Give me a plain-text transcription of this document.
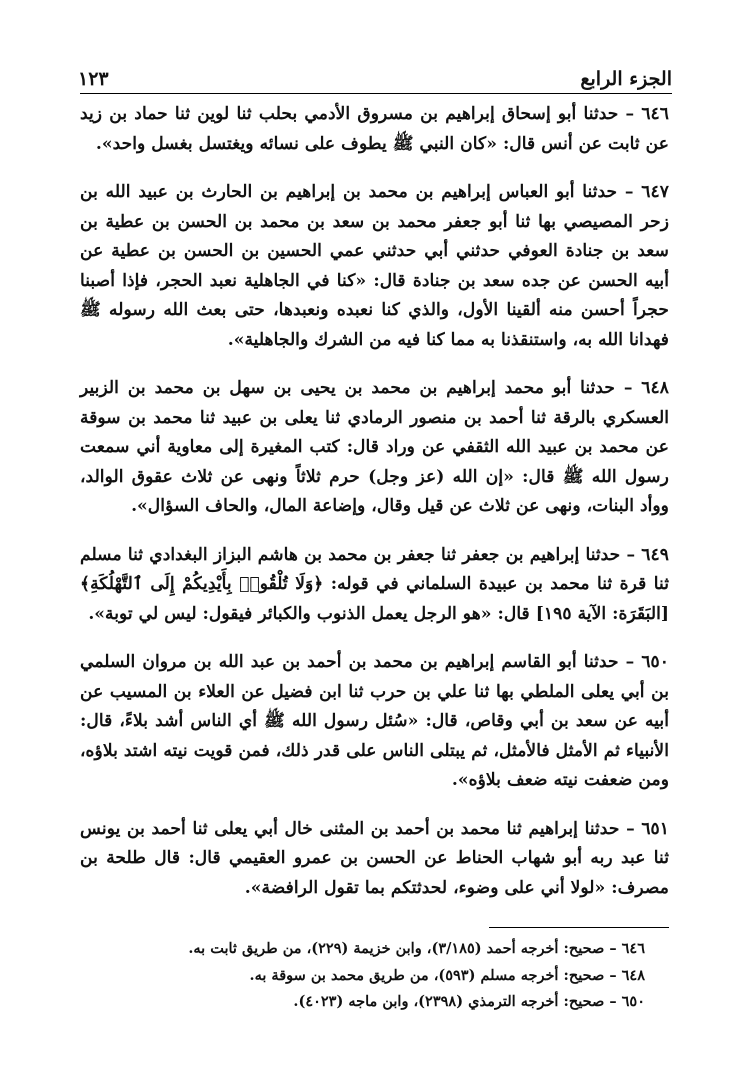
الجزء الرابع
١٢٣

٦٤٦ – حدثنا أبو إسحاق إبراهيم بن مسروق الأدمي بحلب ثنا لوين ثنا حماد بن زيد عن ثابت عن أنس قال: «كان النبي ﷺ يطوف على نسائه ويغتسل بغسل واحد».

٦٤٧ – حدثنا أبو العباس إبراهيم بن محمد بن إبراهيم بن الحارث بن عبيد الله بن زحر المصيصي بها ثنا أبو جعفر محمد بن سعد بن محمد بن الحسن بن عطية بن سعد بن جنادة العوفي حدثني أبي حدثني عمي الحسين بن الحسن بن عطية عن أبيه الحسن عن جده سعد بن جنادة قال: «كنا في الجاهلية نعبد الحجر، فإذا أصبنا حجراً أحسن منه ألقينا الأول، والذي كنا نعبده ونعبدها، حتى بعث الله رسوله ﷺ فهدانا الله به، واستنقذنا به مما كنا فيه من الشرك والجاهلية».

٦٤٨ – حدثنا أبو محمد إبراهيم بن محمد بن يحيى بن سهل بن محمد بن الزبير العسكري بالرقة ثنا أحمد بن منصور الرمادي ثنا يعلى بن عبيد ثنا محمد بن سوقة عن محمد بن عبيد الله الثقفي عن وراد قال: كتب المغيرة إلى معاوية أني سمعت رسول الله ﷺ قال: «إن الله (عز وجل) حرم ثلاثاً ونهى عن ثلاث عقوق الوالد، ووأد البنات، ونهى عن ثلاث عن قيل وقال، وإضاعة المال، والحاف السؤال».

٦٤٩ – حدثنا إبراهيم بن جعفر ثنا جعفر بن محمد بن هاشم البزاز البغدادي ثنا مسلم ثنا قرة ثنا محمد بن عبيدة السلماني في قوله: ﴿وَلَا تُلْقُوا۟ بِأَيْدِيكُمْ إِلَى ٱلتَّهْلُكَةِ﴾ [البَقَرَة: الآية ١٩٥] قال: «هو الرجل يعمل الذنوب والكبائر فيقول: ليس لي توبة».

٦٥٠ – حدثنا أبو القاسم إبراهيم بن محمد بن أحمد بن عبد الله بن مروان السلمي بن أبي يعلى الملطي بها ثنا علي بن حرب ثنا ابن فضيل عن العلاء بن المسيب عن أبيه عن سعد بن أبي وقاص، قال: «سُئل رسول الله ﷺ أي الناس أشد بلاءً، قال: الأنبياء ثم الأمثل فالأمثل، ثم يبتلى الناس على قدر ذلك، فمن قويت نيته اشتد بلاؤه، ومن ضعفت نيته ضعف بلاؤه».

٦٥١ – حدثنا إبراهيم ثنا محمد بن أحمد بن المثنى خال أبي يعلى ثنا أحمد بن يونس ثنا عبد ربه أبو شهاب الحناط عن الحسن بن عمرو العقيمي قال: قال طلحة بن مصرف: «لولا أني على وضوء، لحدثتكم بما تقول الرافضة».

٦٤٦ – صحيح: أخرجه أحمد (٣/١٨٥)، وابن خزيمة (٢٢٩)، من طريق ثابت به.
٦٤٨ – صحيح: أخرجه مسلم (٥٩٣)، من طريق محمد بن سوقة به.
٦٥٠ – صحيح: أخرجه الترمذي (٢٣٩٨)، وابن ماجه (٤٠٢٣).
